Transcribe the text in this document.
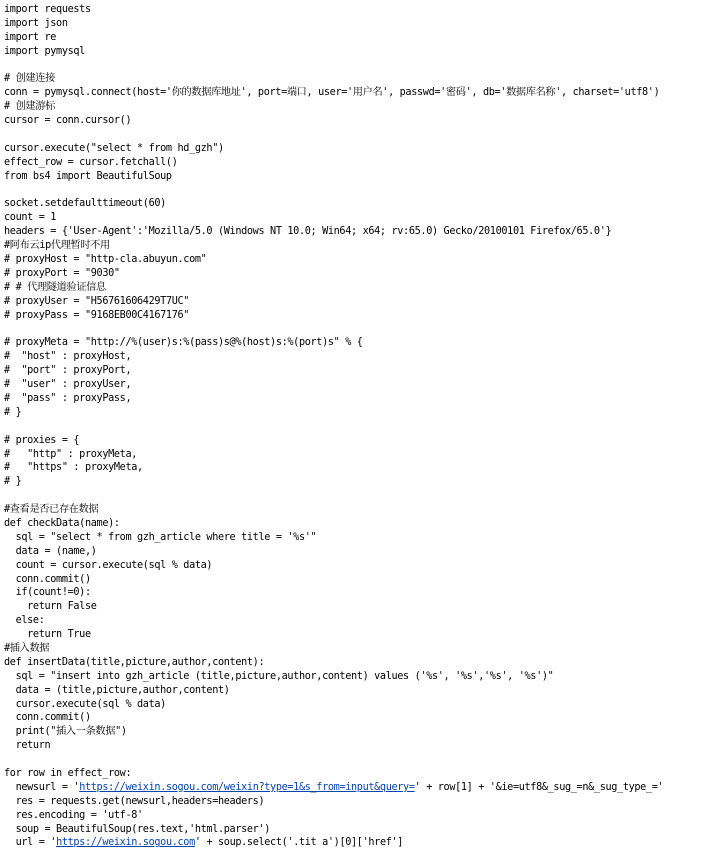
import requests
import json
import re
import pymysql
# 创建连接
conn = pymysql.connect(host='你的数据库地址', port=端口, user='用户名', passwd='密码', db='数据库名称', charset='utf8')
# 创建游标
cursor = conn.cursor()
cursor.execute("select * from hd_gzh")
effect_row = cursor.fetchall()
from bs4 import BeautifulSoup
socket.setdefaulttimeout(60)
count = 1
headers = {'User-Agent':'Mozilla/5.0 (Windows NT 10.0; Win64; x64; rv:65.0) Gecko/20100101 Firefox/65.0'}
#阿布云ip代理暂时不用
# proxyHost = "http-cla.abuyun.com"
# proxyPort = "9030"
# # 代理隧道验证信息
# proxyUser = "H56761606429T7UC"
# proxyPass = "9168EB00C4167176"
# proxyMeta = "http://%(user)s:%(pass)s@%(host)s:%(port)s" % {
#  "host" : proxyHost,
#  "port" : proxyPort,
#  "user" : proxyUser,
#  "pass" : proxyPass,
# }
# proxies = {
#   "http" : proxyMeta,
#   "https" : proxyMeta,
# }
#查看是否已存在数据
def checkData(name):
sql = "select * from gzh_article where title = '%s'"
data = (name,)
count = cursor.execute(sql % data)
conn.commit()
if(count!=0):
return False
else:
return True
#插入数据
def insertData(title,picture,author,content):
sql = "insert into gzh_article (title,picture,author,content) values ('%s', '%s','%s', '%s')"
data = (title,picture,author,content)
cursor.execute(sql % data)
conn.commit()
print("插入一条数据")
return
for row in effect_row:
newsurl = 'https://weixin.sogou.com/weixin?type=1&s_from=input&query=' + row[1] + '&ie=utf8&_sug_=n&_sug_type_='
res = requests.get(newsurl,headers=headers)
res.encoding = 'utf-8'
soup = BeautifulSoup(res.text,'html.parser')
url = 'https://weixin.sogou.com' + soup.select('.tit a')[0]['href']
